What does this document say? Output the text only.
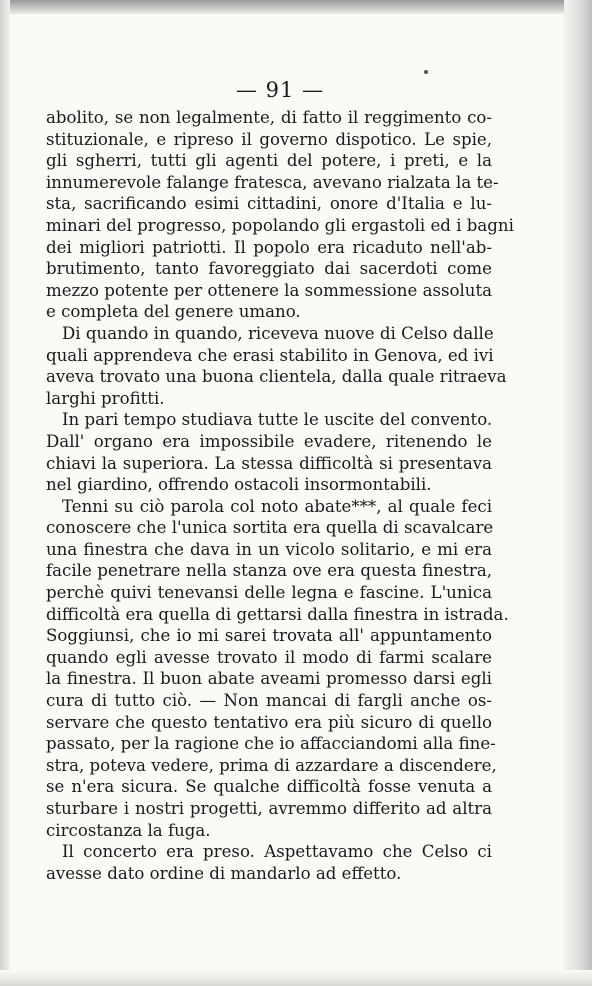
— 91 —
abolito, se non legalmente, di fatto il reggimento co-
stituzionale, e ripreso il governo dispotico. Le spie,
gli sgherri, tutti gli agenti del potere, i preti, e la
innumerevole falange fratesca, avevano rialzata la te-
sta, sacrificando esimi cittadini, onore d'Italia e lu-
minari del progresso, popolando gli ergastoli ed i bagni
dei migliori patriotti. Il popolo era ricaduto nell'ab-
brutimento, tanto favoreggiato dai sacerdoti come
mezzo potente per ottenere la sommessione assoluta
e completa del genere umano.
Di quando in quando, riceveva nuove di Celso dalle
quali apprendeva che erasi stabilito in Genova, ed ivi
aveva trovato una buona clientela, dalla quale ritraeva
larghi profitti.
In pari tempo studiava tutte le uscite del convento.
Dall' organo era impossibile evadere, ritenendo le
chiavi la superiora. La stessa difficoltà si presentava
nel giardino, offrendo ostacoli insormontabili.
Tenni su ciò parola col noto abate***, al quale feci
conoscere che l'unica sortita era quella di scavalcare
una finestra che dava in un vicolo solitario, e mi era
facile penetrare nella stanza ove era questa finestra,
perchè quivi tenevansi delle legna e fascine. L'unica
difficoltà era quella di gettarsi dalla finestra in istrada.
Soggiunsi, che io mi sarei trovata all' appuntamento
quando egli avesse trovato il modo di farmi scalare
la finestra. Il buon abate aveami promesso darsi egli
cura di tutto ciò. — Non mancai di fargli anche os-
servare che questo tentativo era più sicuro di quello
passato, per la ragione che io affacciandomi alla fine-
stra, poteva vedere, prima di azzardare a discendere,
se n'era sicura. Se qualche difficoltà fosse venuta a
sturbare i nostri progetti, avremmo differito ad altra
circostanza la fuga.
Il concerto era preso. Aspettavamo che Celso ci
avesse dato ordine di mandarlo ad effetto.
